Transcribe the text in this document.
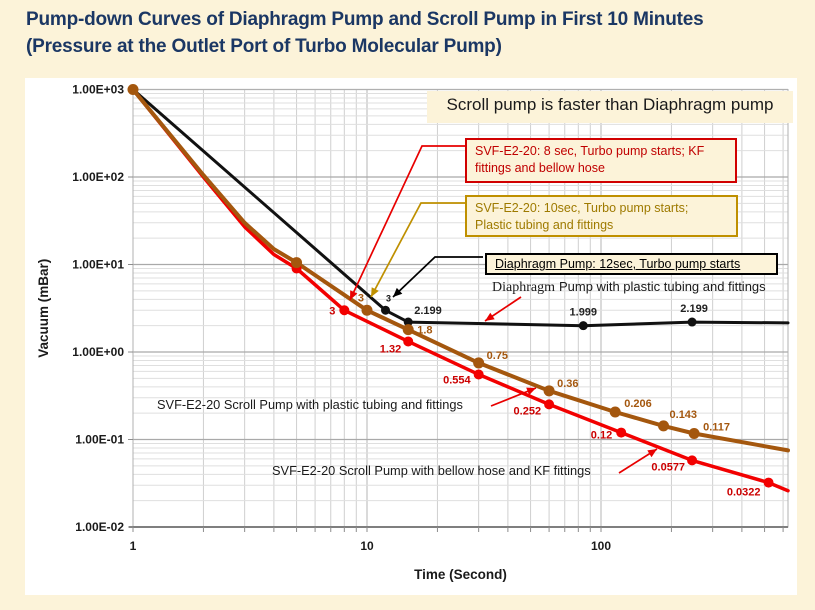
1.00E+03
1.00E+02
1.00E+01
1.00E+00
1.00E-01
1.00E-02
1	10	100
Time (Second)
Vacuum (mBar)	3
2.199	1.999	2.199
3
1.32
0.554
0.252
0.12
0.0577
0.0322
3
1.8
0.75
0.36
0.206
0.143
0.117
Pump-down Curves of Diaphragm Pump and Scroll Pump in First 10 Minutes
(Pressure at the Outlet Port of Turbo Molecular Pump)
Scroll pump is faster than Diaphragm pump
SVF-E2-20: 8 sec, Turbo pump starts; KF fittings and bellow hose
SVF-E2-20: 10sec, Turbo pump starts; Plastic tubing and fittings
Diaphragm Pump: 12sec, Turbo pump starts
Diaphragm Pump with plastic tubing and fittings
SVF-E2-20 Scroll Pump with plastic tubing and fittings
SVF-E2-20 Scroll Pump with bellow hose and KF fittings
